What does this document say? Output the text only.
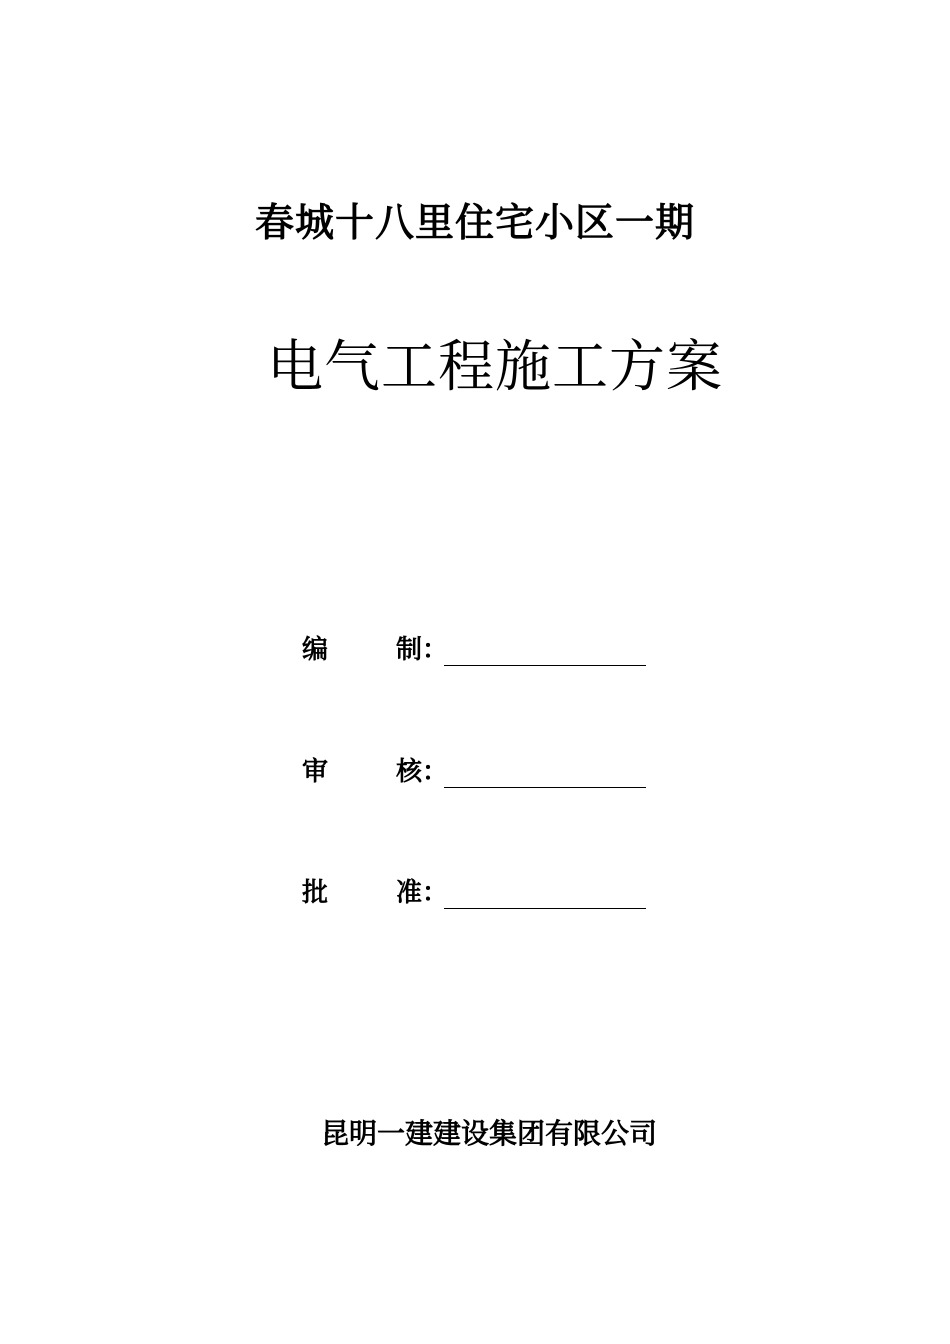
春城十八里住宅小区一期
电气工程施工方案
编	制 ：
审	核 ：
批	准 ：
昆明一建建设集团有限公司
